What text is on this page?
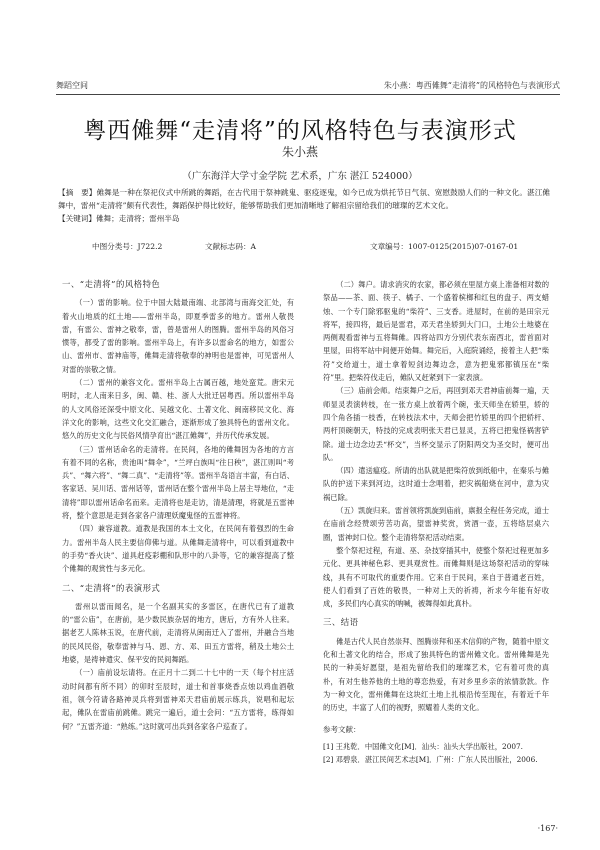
舞蹈空间	朱小燕：粤西傩舞“走清将”的风格特色与表演形式
粤西傩舞“走清将”的风格特色与表演形式
朱小燕
（广东海洋大学寸金学院 艺术系，广东 湛江 524000）

【摘　要】傩舞是一种在祭祀仪式中所跳的舞蹈，在古代用于祭神跳鬼、驱疫逐鬼，如今已成为烘托节日气氛、宽慰鼓励人们的一种文化。湛江傩舞中，雷州“走清将”颇有代表性，舞蹈保护得比较好，能够帮助我们更加清晰地了解祖宗留给我们的璀璨的艺术文化。

【关键词】傩舞；走清将；雷州半岛

中图分类号：J722.2	文献标志码：A	文章编号：1007-0125(2015)07-0167-01
一、“走清将”的风格特色

（一）雷的影响。位于中国大陆最南端、北部湾与南海交汇处，有着火山地质的红土地——雷州半岛，即夏季雷多的地方。雷州人敬畏雷，有雷公、雷神之敬奉，雷，曾是雷州人的图腾。雷州半岛的风俗习惯等，都受了雷的影响。雷州半岛上，有许多以雷命名的地方，如雷公山、雷州市、雷神庙等，傩舞走清将敬奉的神明也是雷神，可见雷州人对雷的崇敬之情。

（二）雷州的兼容文化。雷州半岛上古属百越，地处蛮荒。唐宋元明时，北人南来日多，闽、赣、桂、浙人大批迁居粤西。所以雷州半岛的人文风俗还深受中原文化、吴越文化、土著文化、闽南移民文化、海洋文化的影响，这些文化交汇融合，逐渐形成了独具特色的雷州文化。悠久的历史文化与民俗风情孕育出“湛江傩舞”，并历代传承发展。

（三）雷州话命名的走清将。在民间，各地的傩舞因为各地的方言有着不同的名称，贵池叫“舞伞”，“兰坪白族叫“往日秧”，湛江则叫“考兵”、“舞六将”、“舞二真”、“走清将”等。雷州半岛语言丰富，有白话、客家话、吴川话、雷州话等，雷州话在整个雷州半岛上居主导地位，“走清将”即以雷州话命名而来。走清将也是走访，清是清理，将就是五雷神将，整个意思是走到各家各户清理妖魔鬼怪的五雷神将。

（四）兼容道教。道教是我国的本土文化，在民间有着强烈的生命力。雷州半岛人民主要信仰佛与道。从傩舞走清将中，可以看到道教中的手势“香火诀”、道具赶疫彩棚和队形中的八卦等，它的兼容提高了整个傩舞的观赏性与多元化。

二、“走清将”的表演形式

雷州以雷而闻名，是一个名副其实的多雷区，在唐代已有了道教的“雷公庙”，在唐前，是少数民族杂居的地方，唐后，方有外人往来。据老艺人陈林玉说，在唐代前，走清将从闽南迁入了雷州，并融合当地的民风民俗，敬奉雷神与马、恩、方、邓、田五方雷将，稍及土地公土地婆，是祷神遣灾、保平安的民间舞蹈。

（一）庙前设坛请将。在正月十二到二十七中的一天（每个村庄活动时间都有所不同）的卯时至辰时，道士和首事烧香点烛以鸡血酒敬祖，领今符请各路神灵兵将到雷神邓天君庙前展示练兵，说唱和起坛起，傩队在雷庙前跳傩。跳完一遍后，道士会问：“五方雷将，练得如何？”五雷齐道：“熟练。”这时就可出兵到各家各户巡查了。

（二）舞户。请求消灾的农家，都必须在里屋方桌上准备相对数的祭品——茶、面、筷子、橘子、一个盛着槟榔和红包的盘子、两支蜡烛、一个专门除邪驱鬼的“柴符”、三支香。进屋时，在前的是田宗元将军，接四将，最后是雷君，邓天君坐轿到大门口，土地公土地婆在两侧观看雷神与五将舞傩。四将站四方分别代表东南西北，雷首面对里屋，田将军站中间便开始舞。舞完后，入庭院诵经，接着主人把“柴符”交给道士，道士拿着短剑边舞边念，意为把鬼邪都镇压在“柴符”里。把柴符伐走后，傩队又赶紧到下一家表演。

（三）庙前会师。结束舞户之后，再回到邓天君神庙前舞一遍，天师显灵表演转枝，在一张方桌上放着两个碗，张天师坐在轿里，轿的四个角各插一枝香，在转枝法术中，天师会把竹轿里的四个把轿杆、两杆顶碗朝天，特技的完成表明张天君已显灵，五将已把鬼怪祸害铲除。道士边念边丢“杯交”，当杯交显示了阴阳两交为圣交时，便可出队。

（四）遣送瘟疫。所请的出队就是把柴符放到纸船中，在秦乐与傩队的护送下来到河边，这时道士念唱着，把灾祸船烧在河中，意为灾祸已除。

（五）凯旋归来。雷首领将凯旋到庙前，禀报全程任务完成，道士在庙前念经赞颂劳苦功高，望雷神奖赏，赏酒一壶，五将络层桌六圈，雷神封口位。整个走清将祭祀活动结束。

整个祭祀过程，有道、巫、杂技穿插其中，使整个祭祀过程更加多元化、更具神秘色彩、更具观赏性。而傩舞则是这场祭祀活动的穿味线，具有不可取代的重要作用。它来自于民间，来自于普通老百姓，使人们看到了百姓的敬畏，一种对上天的祈祷，祈求今年能有好收成，多民们内心真实的呐喊，被舞得如此真朴。

三、结语

傩是古代人民自然崇拜、图腾崇拜和巫术信仰的产物，随着中原文化和土著文化的结合，形成了独具特色的雷州傩文化。雷州傩舞是先民的一种美好愿望，是祖先留给我们的璀璨艺术，它有着可贵的真朴，有对生他养他的土地的尊恋热爱，有对乡里乡亲的浓情款款。作为一种文化，雷州傩舞在这块红土地上扎根沿传至现在，有着近千年的历史，丰富了人们的视野，照耀着人类的文化。

参考文献：

[1] 王兆乾．中国傩文化[M]．汕头：汕头大学出版社，2007.

[2] 邓碧泉．湛江民间艺术志[M]．广州：广东人民出版社，2006.

·167·
